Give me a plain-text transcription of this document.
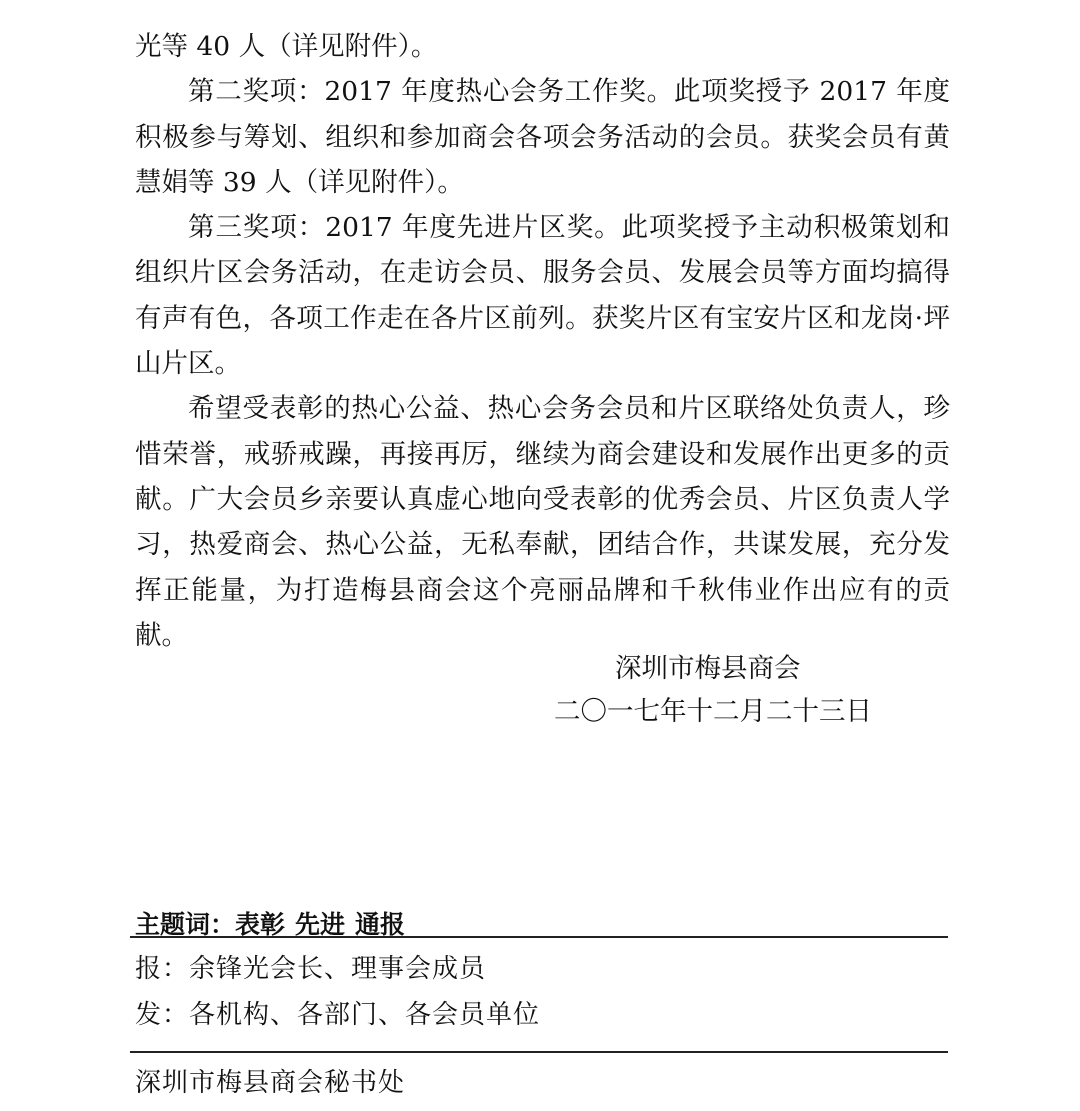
光等 40 人（详见附件）。

第二奖项：2017 年度热心会务工作奖。此项奖授予 2017 年度积极参与筹划、组织和参加商会各项会务活动的会员。获奖会员有黄慧娟等 39 人（详见附件）。

第三奖项：2017 年度先进片区奖。此项奖授予主动积极策划和组织片区会务活动，在走访会员、服务会员、发展会员等方面均搞得有声有色，各项工作走在各片区前列。获奖片区有宝安片区和龙岗·坪山片区。

希望受表彰的热心公益、热心会务会员和片区联络处负责人，珍惜荣誉，戒骄戒躁，再接再厉，继续为商会建设和发展作出更多的贡献。广大会员乡亲要认真虚心地向受表彰的优秀会员、片区负责人学习，热爱商会、热心公益，无私奉献，团结合作，共谋发展，充分发挥正能量，为打造梅县商会这个亮丽品牌和千秋伟业作出应有的贡献。

深圳市梅县商会
二〇一七年十二月二十三日
主题词：表彰 先进 通报
报：余锋光会长、理事会成员
发：各机构、各部门、各会员单位
深圳市梅县商会秘书处
